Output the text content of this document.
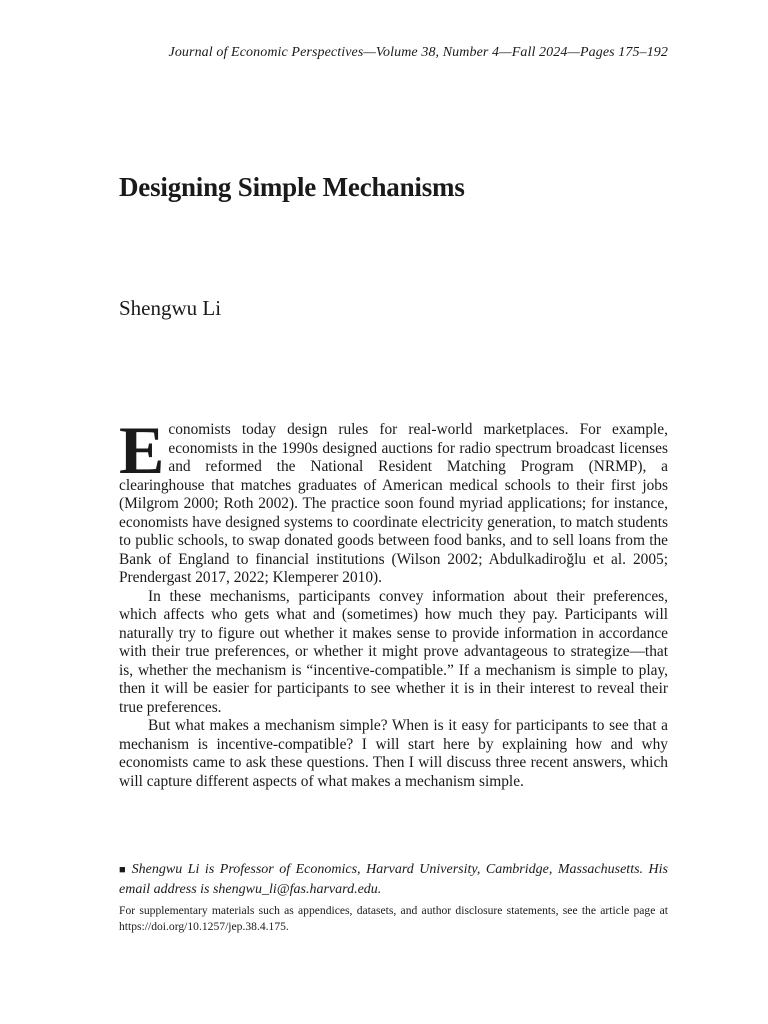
Journal of Economic Perspectives—Volume 38, Number 4—Fall 2024—Pages 175–192
Designing Simple Mechanisms
Shengwu Li

Economists today design rules for real-world marketplaces. For example, economists in the 1990s designed auctions for radio spectrum broadcast licenses and reformed the National Resident Matching Program (NRMP), a clearinghouse that matches graduates of American medical schools to their first jobs (Milgrom 2000; Roth 2002). The practice soon found myriad applications; for instance, economists have designed systems to coordinate electricity generation, to match students to public schools, to swap donated goods between food banks, and to sell loans from the Bank of England to financial institutions (Wilson 2002; Abdulkadiroğlu et al. 2005; Prendergast 2017, 2022; Klemperer 2010).

In these mechanisms, participants convey information about their preferences, which affects who gets what and (sometimes) how much they pay. Participants will naturally try to figure out whether it makes sense to provide information in accordance with their true preferences, or whether it might prove advantageous to strategize—that is, whether the mechanism is “incentive-compatible.” If a mechanism is simple to play, then it will be easier for participants to see whether it is in their interest to reveal their true preferences.

But what makes a mechanism simple? When is it easy for participants to see that a mechanism is incentive-compatible? I will start here by explaining how and why economists came to ask these questions. Then I will discuss three recent answers, which will capture different aspects of what makes a mechanism simple.

■ Shengwu Li is Professor of Economics, Harvard University, Cambridge, Massachusetts. His email address is shengwu_li@fas.harvard.edu.
For supplementary materials such as appendices, datasets, and author disclosure statements, see the article page at https://doi.org/10.1257/jep.38.4.175.
